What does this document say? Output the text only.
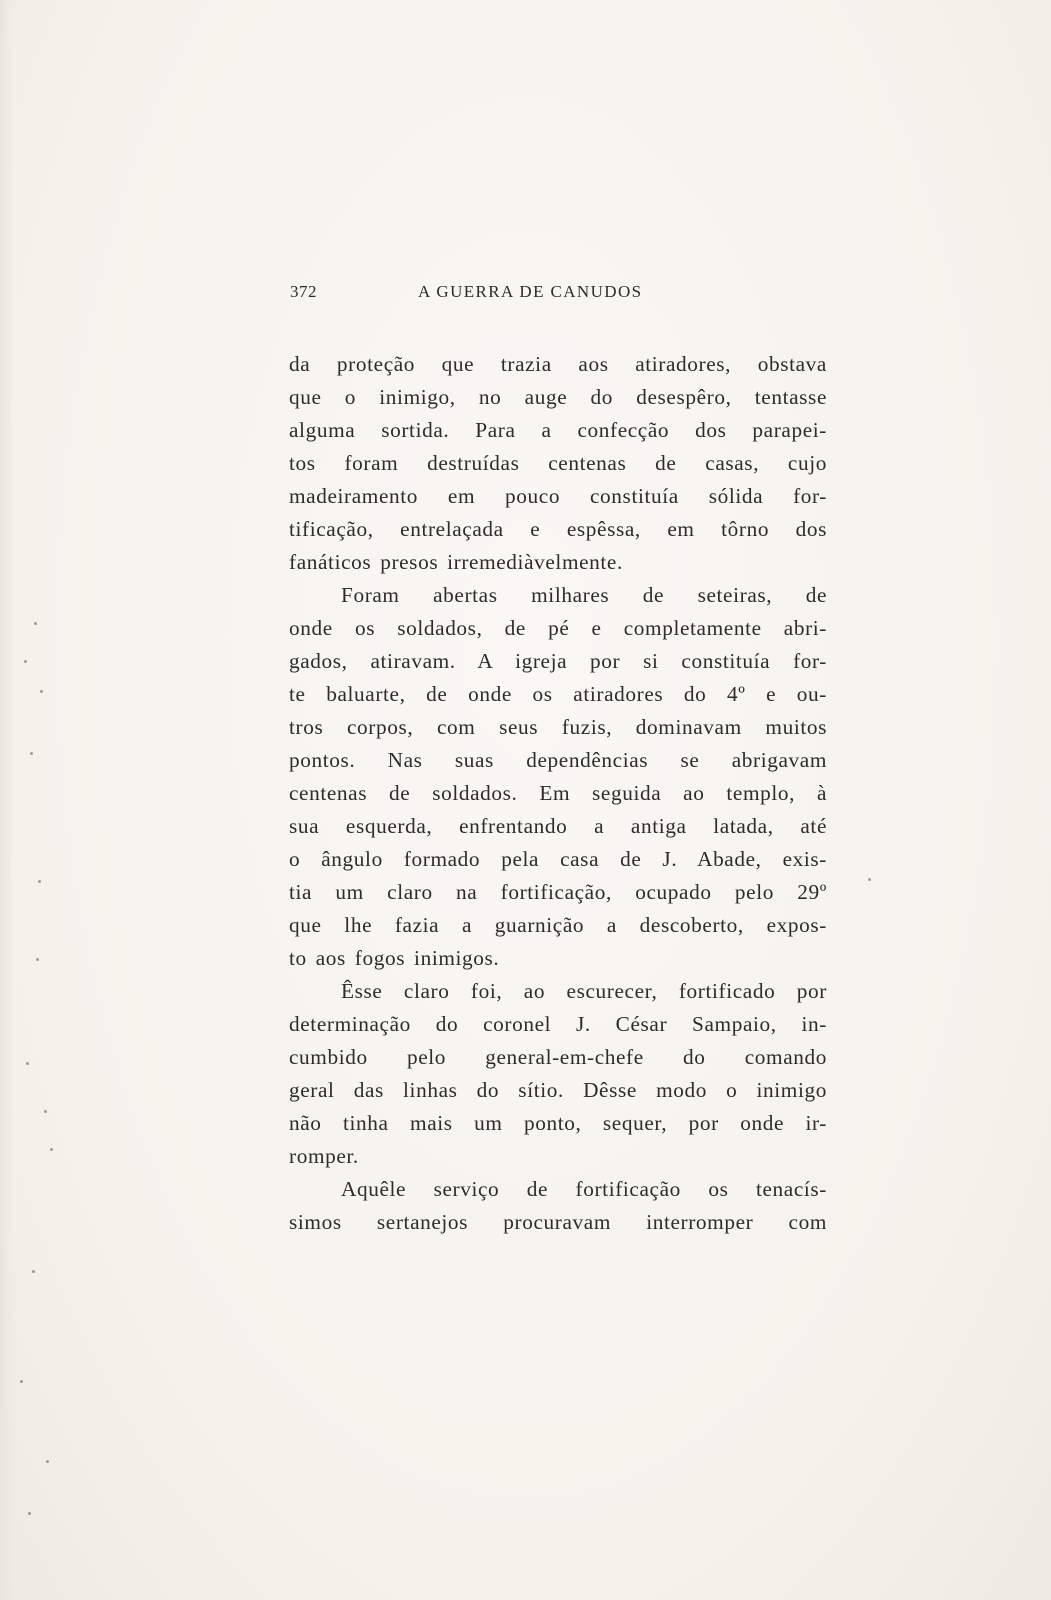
372	A GUERRA DE CANUDOS
da proteção que trazia aos atiradores, obstava
que o inimigo, no auge do desespêro, tentasse
alguma sortida. Para a confecção dos parapei-
tos foram destruídas centenas de casas, cujo
madeiramento em pouco constituía sólida for-
tificação, entrelaçada e espêssa, em tôrno dos
fanáticos presos irremediàvelmente.
Foram abertas milhares de seteiras, de
onde os soldados, de pé e completamente abri-
gados, atiravam. A igreja por si constituía for-
te baluarte, de onde os atiradores do 4º e ou-
tros corpos, com seus fuzis, dominavam muitos
pontos. Nas suas dependências se abrigavam
centenas de soldados. Em seguida ao templo, à
sua esquerda, enfrentando a antiga latada, até
o ângulo formado pela casa de J. Abade, exis-
tia um claro na fortificação, ocupado pelo 29º
que lhe fazia a guarnição a descoberto, expos-
to aos fogos inimigos.
Êsse claro foi, ao escurecer, fortificado por
determinação do coronel J. César Sampaio, in-
cumbido pelo general-em-chefe do comando
geral das linhas do sítio. Dêsse modo o inimigo
não tinha mais um ponto, sequer, por onde ir-
romper.
Aquêle serviço de fortificação os tenacís-
simos sertanejos procuravam interromper com
